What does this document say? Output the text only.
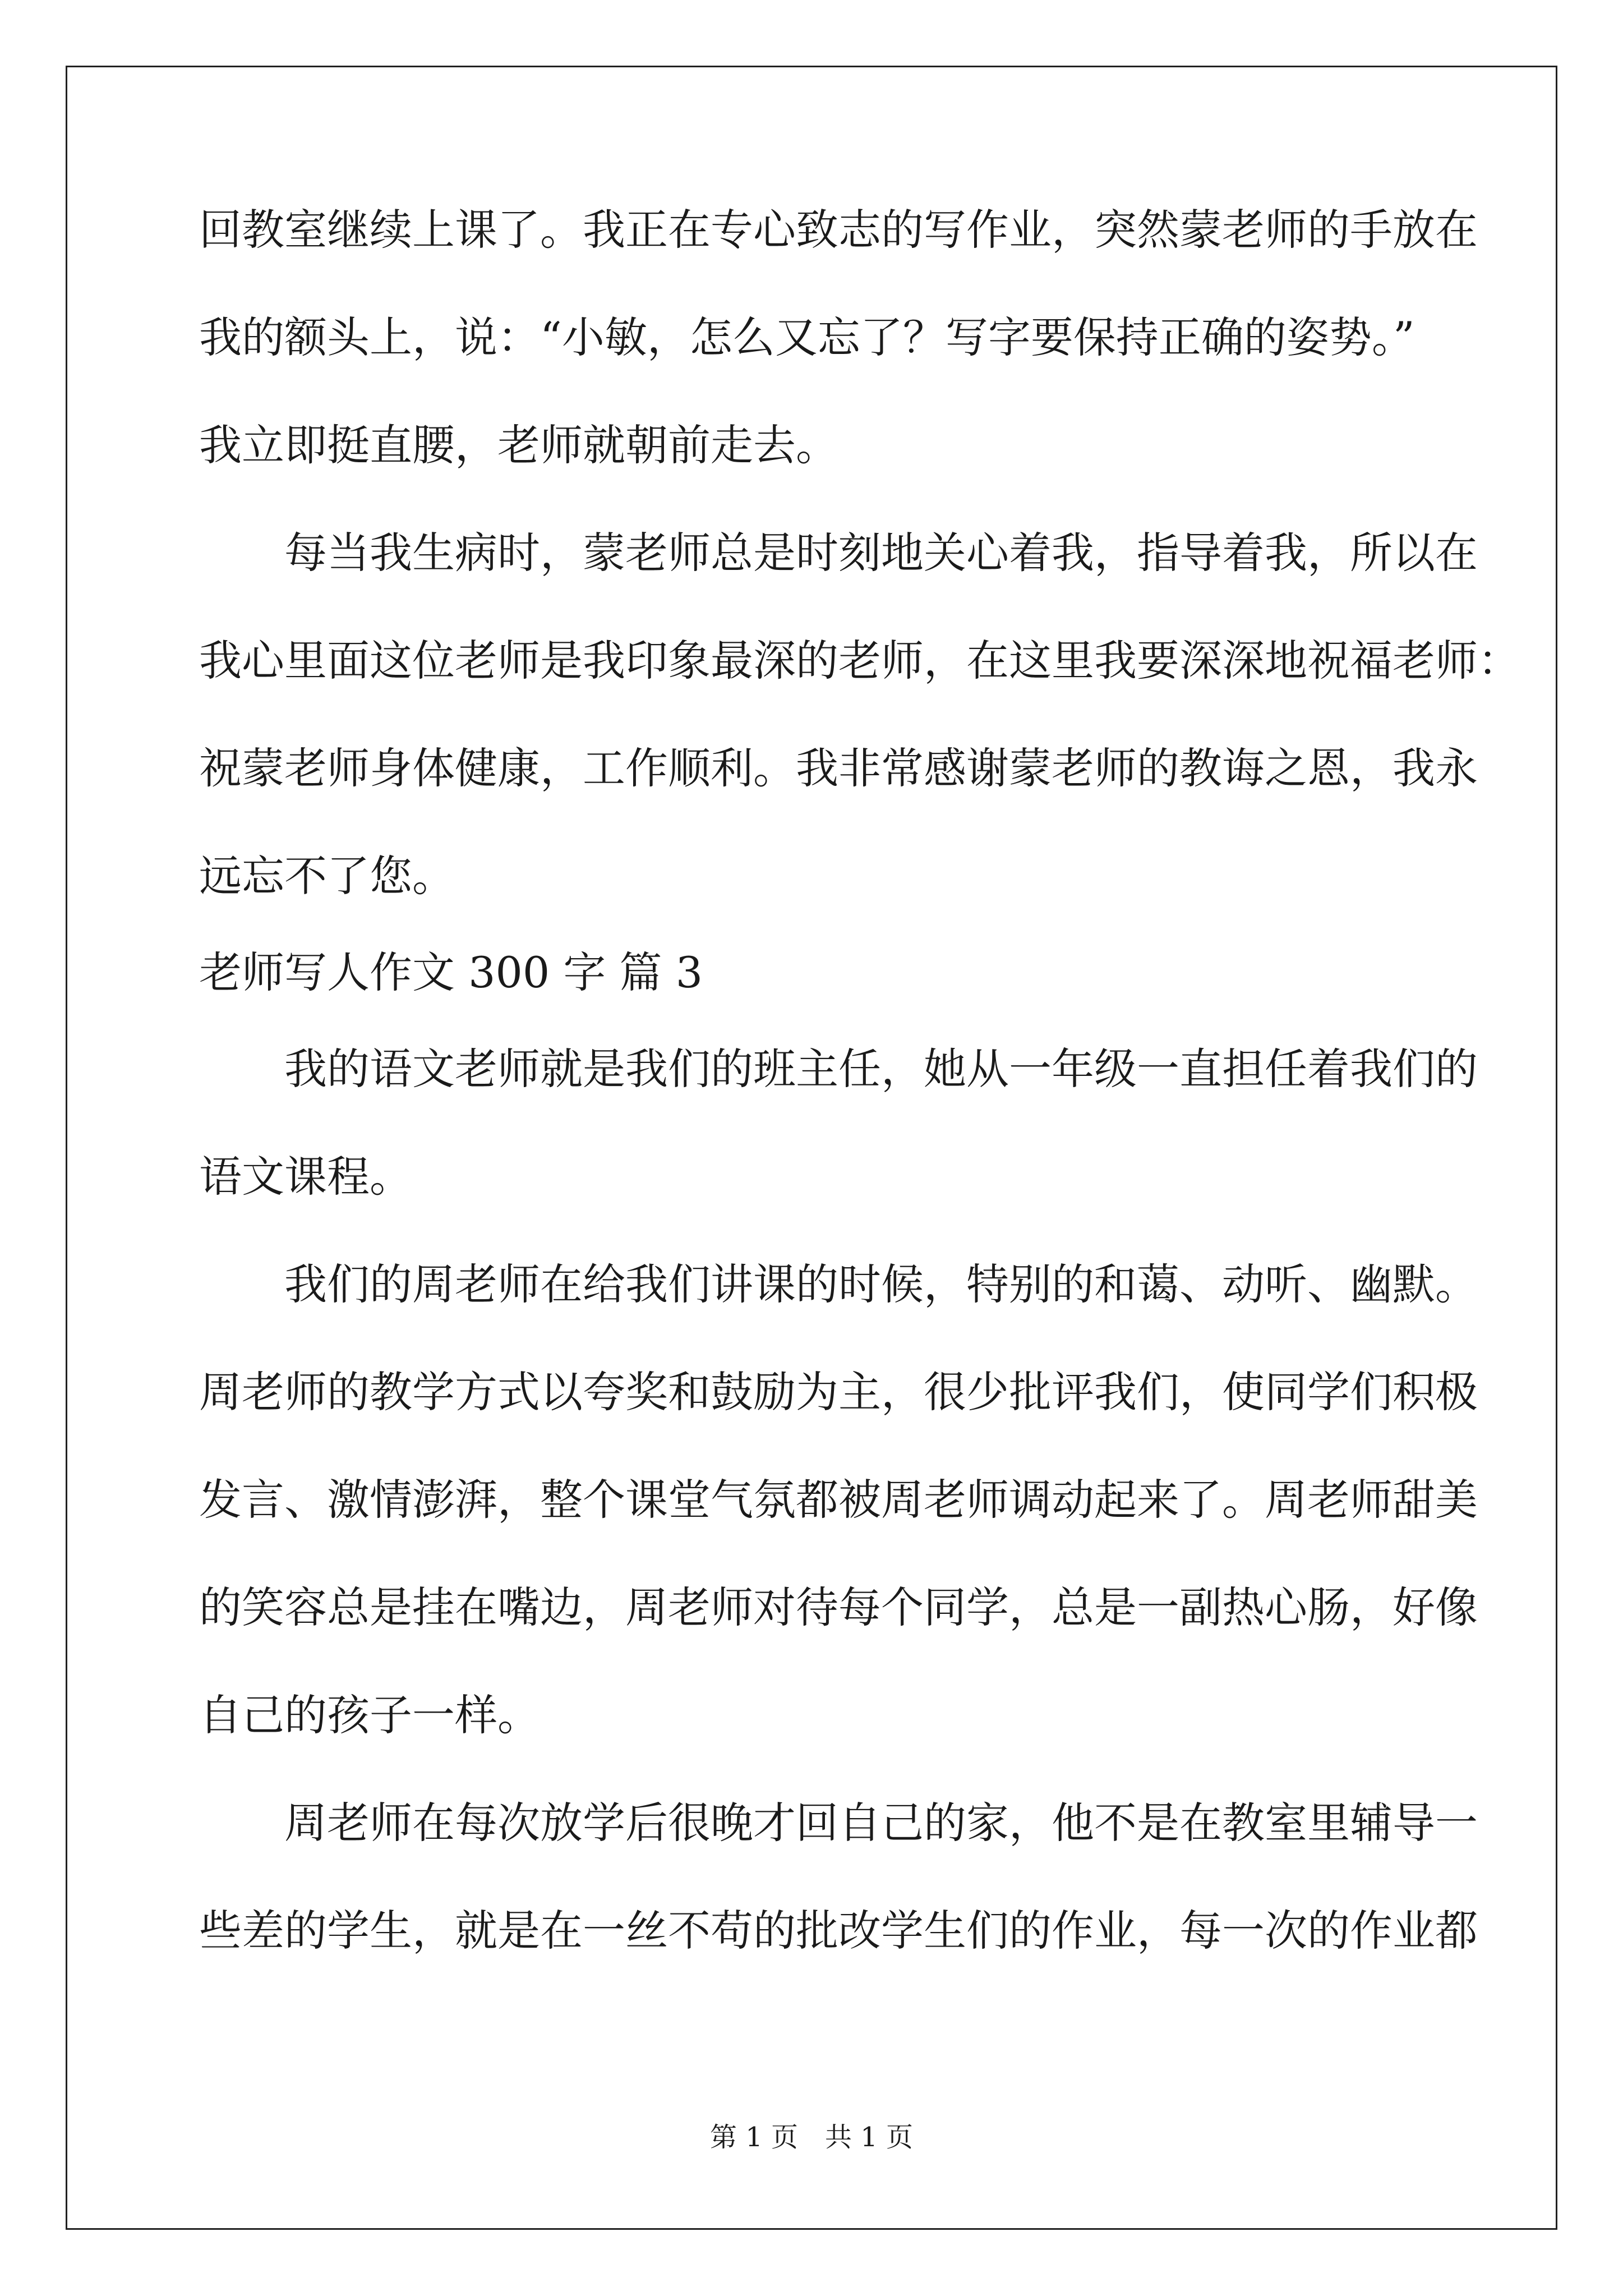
回教室继续上课了。我正在专心致志的写作业，突然蒙老师的手放在
我的额头上，说：“小敏，怎么又忘了？写字要保持正确的姿势。”
我立即挺直腰，老师就朝前走去。
　　每当我生病时，蒙老师总是时刻地关心着我，指导着我，所以在
我心里面这位老师是我印象最深的老师，在这里我要深深地祝福老师：
祝蒙老师身体健康，工作顺利。我非常感谢蒙老师的教诲之恩，我永
远忘不了您。
老师写人作文 300 字 篇 3
　　我的语文老师就是我们的班主任，她从一年级一直担任着我们的
语文课程。
　　我们的周老师在给我们讲课的时候，特别的和蔼、动听、幽默。
周老师的教学方式以夸奖和鼓励为主，很少批评我们，使同学们积极
发言、激情澎湃，整个课堂气氛都被周老师调动起来了。周老师甜美
的笑容总是挂在嘴边，周老师对待每个同学，总是一副热心肠，好像
自己的孩子一样。
　　周老师在每次放学后很晚才回自己的家，他不是在教室里辅导一
些差的学生，就是在一丝不苟的批改学生们的作业，每一次的作业都
第 1 页　共 1 页
